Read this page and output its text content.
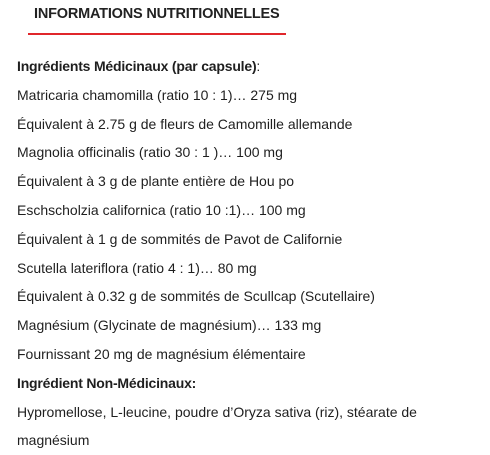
INFORMATIONS NUTRITIONNELLES
Ingrédients Médicinaux (par capsule):
Matricaria chamomilla (ratio 10 : 1)… 275 mg
Équivalent à 2.75 g de fleurs de Camomille allemande
Magnolia officinalis (ratio 30 : 1 )… 100 mg
Équivalent à 3 g de plante entière de Hou po
Eschscholzia californica (ratio 10 :1)… 100 mg
Équivalent à 1 g de sommités de Pavot de Californie
Scutella lateriflora (ratio 4 : 1)… 80 mg
Équivalent à 0.32 g de sommités de Scullcap (Scutellaire)
Magnésium (Glycinate de magnésium)… 133 mg
Fournissant 20 mg de magnésium élémentaire
Ingrédient Non-Médicinaux:
Hypromellose, L-leucine, poudre d’Oryza sativa (riz), stéarate de magnésium
